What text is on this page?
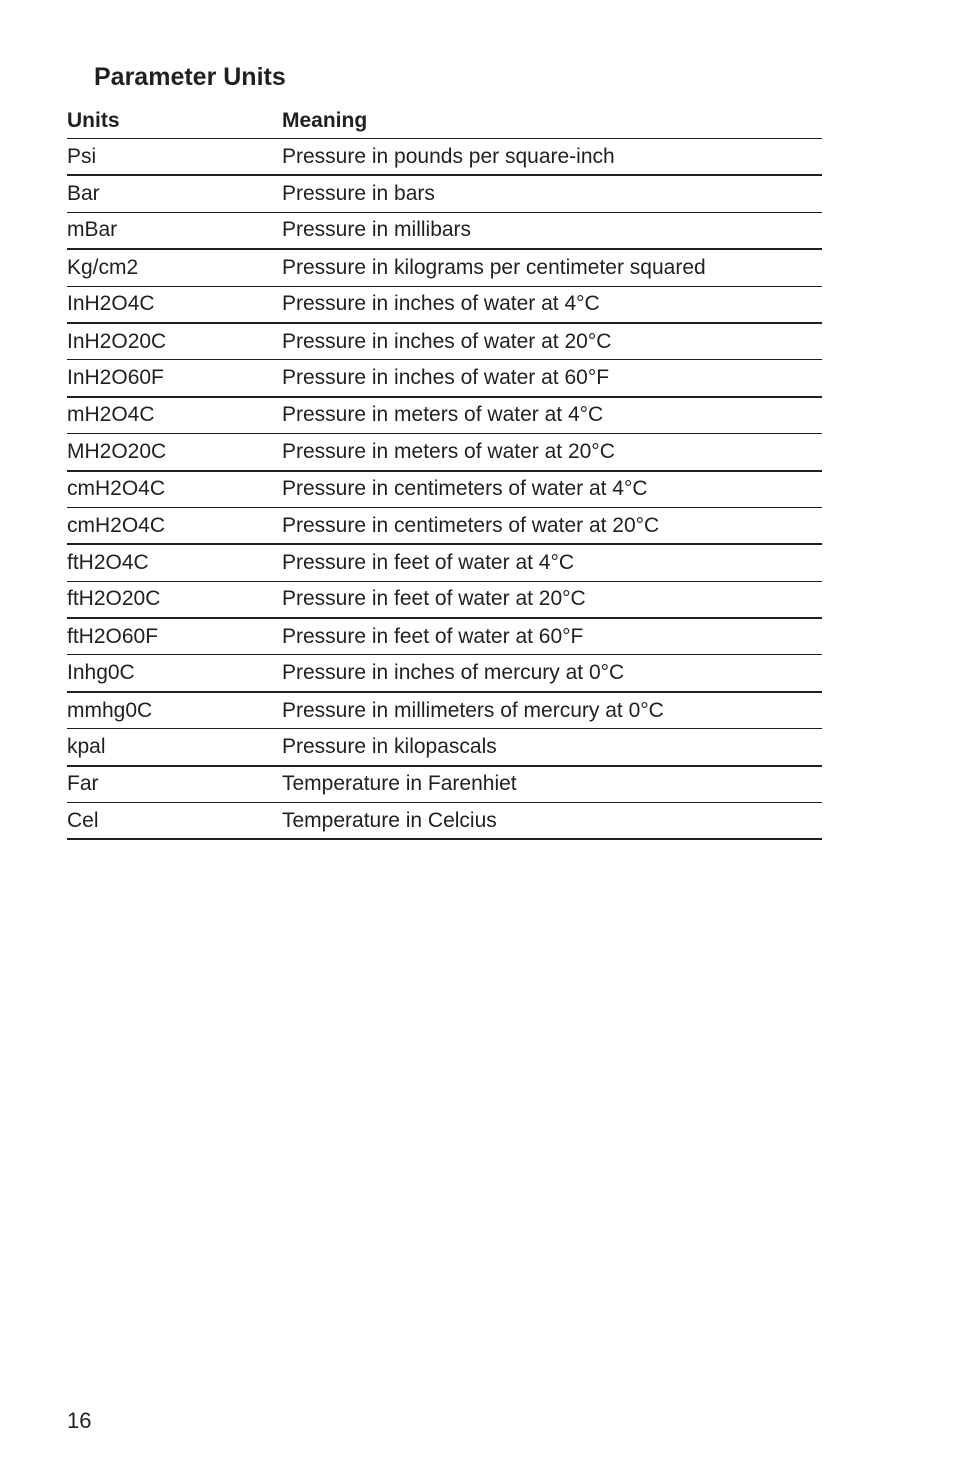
Parameter Units
Units	Meaning
Psi	Pressure in pounds per square-inch
Bar	Pressure in bars
mBar	Pressure in millibars
Kg/cm2	Pressure in kilograms per centimeter squared
InH2O4C	Pressure in inches of water at 4°C
InH2O20C	Pressure in inches of water at 20°C
InH2O60F	Pressure in inches of water at 60°F
mH2O4C	Pressure in meters of water at 4°C
MH2O20C	Pressure in meters of water at 20°C
cmH2O4C	Pressure in centimeters of water at 4°C
cmH2O4C	Pressure in centimeters of water at 20°C
ftH2O4C	Pressure in feet of water at 4°C
ftH2O20C	Pressure in feet of water at 20°C
ftH2O60F	Pressure in feet of water at 60°F
Inhg0C	Pressure in inches of mercury at 0°C
mmhg0C	Pressure in millimeters of mercury at 0°C
kpal	Pressure in kilopascals
Far	Temperature in Farenhiet
Cel	Temperature in Celcius
16
